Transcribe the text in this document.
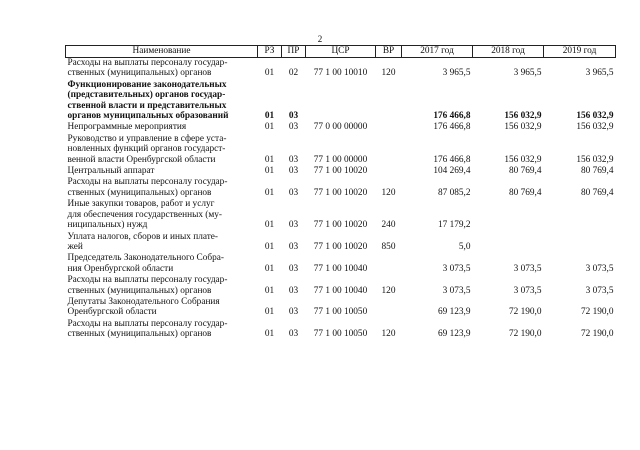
2
Наименование	РЗ	ПР	ЦСР	ВР	2017 год	2018 год	2019 год

Расходы на выплаты персоналу государ-
ственных (муниципальных) органов	01	02	77 1 00 10010	120	3 965,5	3 965,5	3 965,5

Функционирование законодательных
(представительных) органов государ-
ственной власти и представительных
органов муниципальных образований	01	03			176 466,8	156 032,9	156 032,9

Непрограммные мероприятия	01	03	77 0 00 00000		176 466,8	156 032,9	156 032,9

Руководство и управление в сфере уста-
новленных функций органов государст-
венной власти Оренбургской области	01	03	77 1 00 00000		176 466,8	156 032,9	156 032,9

Центральный аппарат	01	03	77 1 00 10020		104 269,4	80 769,4	80 769,4

Расходы на выплаты персоналу государ-
ственных (муниципальных) органов	01	03	77 1 00 10020	120	87 085,2	80 769,4	80 769,4

Иные закупки товаров, работ и услуг
для обеспечения государственных (му-
ниципальных) нужд	01	03	77 1 00 10020	240	17 179,2		

Уплата налогов, сборов и иных плате-
жей	01	03	77 1 00 10020	850	5,0		

Председатель Законодательного Собра-
ния Оренбургской области	01	03	77 1 00 10040		3 073,5	3 073,5	3 073,5

Расходы на выплаты персоналу государ-
ственных (муниципальных) органов	01	03	77 1 00 10040	120	3 073,5	3 073,5	3 073,5

Депутаты Законодательного Собрания
Оренбургской области	01	03	77 1 00 10050		69 123,9	72 190,0	72 190,0

Расходы на выплаты персоналу государ-
ственных (муниципальных) органов	01	03	77 1 00 10050	120	69 123,9	72 190,0	72 190,0
